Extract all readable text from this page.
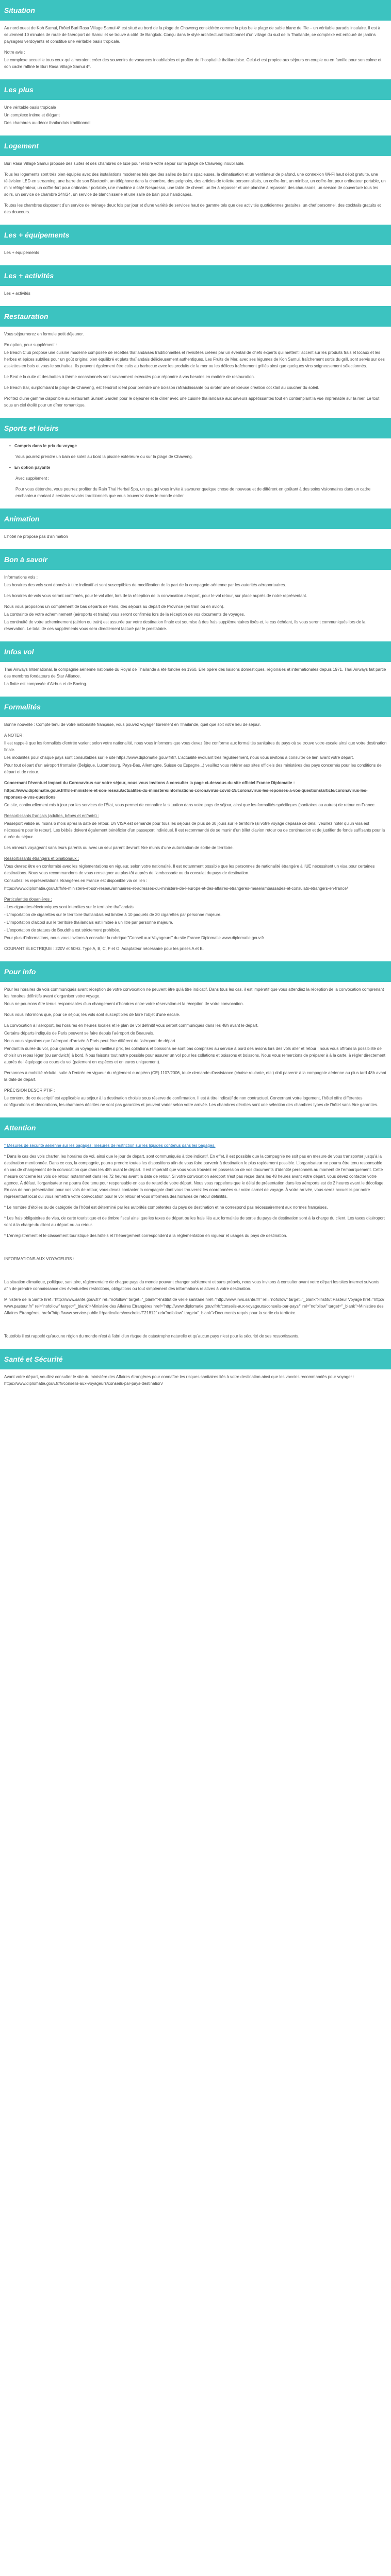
Situation

Au nord ouest de Koh Samui, l'hôtel Buri Rasa Village Samui 4* est situé au bord de la plage de Chaweng considérée comme la plus belle plage de sable blanc de l'île – un véritable paradis insulaire. Il est à seulement 10 minutes de route de l'aéroport de Samui et se trouve à côté de Bangkok. Conçu dans le style architectural traditionnel d'un village du sud de la Thaïlande, ce complexe est entouré de jardins paysagers verdoyants et constitue une véritable oasis tropicale.

Notre avis :

Le complexe accueille tous ceux qui aimeraient créer des souvenirs de vacances inoubliables et profiter de l'hospitalité thaïlandaise. Celui-ci est propice aux séjours en couple ou en famille pour son calme et son cadre raffiné le Buri Rasa Village Samui 4*.

Les plus

Une véritable oasis tropicale

Un complexe intime et élégant

Des chambres au décor thaïlandais traditionnel

Logement

Buri Rasa Village Samui propose des suites et des chambres de luxe pour rendre votre séjour sur la plage de Chaweng inoubliable.

Tous les logements sont très bien équipés avec des installations modernes tels que des salles de bains spacieuses, la climatisation et un ventilateur de plafond, une connexion Wi-Fi haut débit gratuite, une télévision LED en streaming, une barre de son Bluetooth, un téléphone dans la chambre, des peignoirs, des articles de toilette personnalisés, un coffre-fort, un minibar, un coffre-fort pour ordinateur portable, un mini réfrigérateur, un coffre-fort pour ordinateur portable, une machine à café Nespresso, une table de chevet, un fer à repasser et une planche à repasser, des chaussons, un service de couverture tous les soirs, un service de chambre 24h/24, un service de blanchisserie et une salle de bain pour handicapés.

Toutes les chambres disposent d'un service de ménage deux fois par jour et d'une variété de services haut de gamme tels que des activités quotidiennes gratuites, un chef personnel, des cocktails gratuits et des douceurs.

Les + équipements

Les + équipements

Les + activités

Les + activités

Restauration

Vous séjournerez en formule petit déjeuner.

En option, pour supplément :

Le Beach Club propose une cuisine moderne composée de recettes thaïlandaises traditionnelles et revisitées créées par un éventail de chefs experts qui mettent l'accent sur les produits frais et locaux et les herbes et épices subtiles pour un goût original bien équilibré et plats thaïlandais délicieusement authentiques. Les Fruits de Mer, avec ses légumes de Koh Samui, fraîchement sortis du grill, sont servis sur des assiettes en bois et vous le souhaitez. Ils peuvent également être cuits au barbecue avec les produits de la mer ou les délices fraîchement grillés ainsi que quelques vins soigneusement sélectionnés.

Le Beat e la cuite et des battes à thème occasionnels sont savamment exécutés pour répondre à vos besoins en matière de restauration.

Le Beach Bar, surplombant la plage de Chaweng, est l'endroit idéal pour prendre une boisson rafraîchissante ou siroter une délicieuse création cocktail au coucher du soleil.

Profitez d'une gamme disponible au restaurant Sunset Garden pour le déjeuner et le dîner avec une cuisine thaïlandaise aux saveurs appétissantes tout en contemplant la vue imprenable sur la mer. Le tout sous un ciel étoilé pour un dîner romantique.

Sports et loisirs
• Compris dans le prix du voyage

Vous pourrez prendre un bain de soleil au bord la piscine extérieure ou sur la plage de Chaweng.

• En option payante

Avec supplément :

Pour vous détendre, vous pourrez profiter du Rain Thai Herbal Spa, un spa qui vous invite à savourer quelque chose de nouveau et de différent en goûtant à des soins visionnaires dans un cadre enchanteur mariant à certains savoirs traditionnels que vous trouverez dans le monde entier.

Animation

L'hôtel ne propose pas d'animation

Bon à savoir

Informations vols :

Les horaires des vols sont donnés à titre indicatif et sont susceptibles de modification de la part de la compagnie aérienne par les autorités aéroportuaires.

Les horaires de vols vous seront confirmés, pour le vol aller, lors de la réception de la convocation aéroport, pour le vol retour, sur place auprès de notre représentant.

Nous vous proposons un complément de bas départs de Paris, des séjours au départ de Province (en train ou en avion).

La contrainte de votre acheminement (aéroports et trains) vous seront confirmés lors de la réception de vos documents de voyages.

La continuité de votre acheminement (aérien ou train) est assurée par votre destination finale est soumise à des frais supplémentaires fixés et, le cas échéant, ils vous seront communiqués lors de la réservation. Le total de ces suppléments vous sera directement facturé par le prestataire.

Infos vol

Thaï Airways International, la compagnie aérienne nationale du Royal de Thaïlande a été fondée en 1960. Elle opère des liaisons domestiques, régionales et internationales depuis 1971. Thaï Airways fait partie des membres fondateurs de Star Alliance.

La flotte est composée d'Airbus et de Boeing.

Formalités

Bonne nouvelle : Compte tenu de votre nationalité française, vous pouvez voyager librement en Thaïlande, quel que soit votre lieu de séjour.

A NOTER :

Il est rappelé que les formalités d'entrée varient selon votre nationalité, nous vous informons que vous devez être conforme aux formalités sanitaires du pays où se trouve votre escale ainsi que votre destination finale.

Les modalités pour chaque pays sont consultables sur le site https://www.diplomatie.gouv.fr/fr/. L'actualité évoluant très régulièrement, nous vous invitons à consulter ce lien avant votre départ.

Pour tout départ d'un aéroport frontalier (Belgique, Luxembourg, Pays-Bas, Allemagne, Suisse ou Espagne...) veuillez vous référer aux sites officiels des ministères des pays concernés pour les conditions de départ et de retour.

Concernant l'éventuel impact du Coronavirus sur votre séjour, nous vous invitons à consulter la page ci-dessous du site officiel France Diplomatie :

https://www.diplomatie.gouv.fr/fr/le-ministere-et-son-reseau/actualites-du-ministere/informations-coronavirus-covid-19/coronavirus-les-reponses-a-vos-questions/article/coronavirus-les-reponses-a-vos-questions

Ce site, continuellement mis à jour par les services de l'État, vous permet de connaître la situation dans votre pays de séjour, ainsi que les formalités spécifiques (sanitaires ou autres) de retour en France.

Ressortissants français (adultes, bébés et enfants) :

Passeport valide au moins 6 mois après la date de retour. Un VISA est demandé pour tous les séjours de plus de 30 jours sur le territoire (si votre voyage dépasse ce délai, veuillez noter qu'un visa est nécessaire pour le retour). Les bébés doivent également bénéficier d'un passeport individuel. Il est recommandé de se munir d'un billet d'avion retour ou de continuation et de justifier de fonds suffisants pour la durée du séjour.

Les mineurs voyageant sans leurs parents ou avec un seul parent devront être munis d'une autorisation de sortie de territoire.

Ressortissants étrangers et binationaux :

Vous devrez être en conformité avec les réglementations en vigueur, selon votre nationalité. Il est notamment possible que les personnes de nationalité étrangère à l'UE nécessitent un visa pour certaines destinations. Nous vous recommandons de vous renseigner au plus tôt auprès de l'ambassade ou du consulat du pays de destination.

Consultez les représentations étrangères en France est disponible via ce lien :

https://www.diplomatie.gouv.fr/fr/le-ministere-et-son-reseau/annuaires-et-adresses-du-ministere-de-l-europe-et-des-affaires-etrangeres-meae/ambassades-et-consulats-etrangers-en-france/

Particularités douanières :

- Les cigarettes électroniques sont interdites sur le territoire thaïlandais

- L'importation de cigarettes sur le territoire thaïlandais est limitée à 10 paquets de 20 cigarettes par personne majeure.

- L'importation d'alcool sur le territoire thaïlandais est limitée à un litre par personne majeure.

- L'exportation de statues de Bouddha est strictement prohibée.

Pour plus d'informations, nous vous invitons à consulter la rubrique "Conseil aux Voyageurs" du site France Diplomatie www.diplomatie.gouv.fr

COURANT ÉLECTRIQUE : 220V et 50Hz. Type A, B, C, F et O. Adaptateur nécessaire pour les prises A et B.

Pour info

Pour les horaires de vols communiqués avant réception de votre convocation ne peuvent être qu'à titre indicatif. Dans tous les cas, il est impératif que vous attendiez la réception de la convocation comprenant les horaires définitifs avant d'organiser votre voyage.

Nous ne pourrons être tenus responsables d'un changement d'horaires entre votre réservation et la réception de votre convocation.

Nous vous informons que, pour ce séjour, les vols sont susceptibles de faire l'objet d'une escale.

La convocation à l'aéroport, les horaires en heures locales et le plan de vol définitif vous seront communiqués dans les 48h avant le départ.

Certains départs indiqués de Paris peuvent se faire depuis l'aéroport de Beauvais.

Nous vous signalons que l'aéroport d'arrivée à Paris peut être différent de l'aéroport de départ.

Pendant la durée du vol, pour garantir un voyage au meilleur prix, les collations et boissons ne sont pas comprises au service à bord des avions lors des vols aller et retour ; nous vous offrons la possibilité de choisir un repas léger (ou sandwich) à bord. Nous faisons tout notre possible pour assurer un vol pour les collations et boissons et boissons. Nous vous remercions de préparer à à la carte, à régler directement auprès de l'équipage ou cours du vol (paiement en espèces et en euros uniquement).

Personnes à mobilité réduite, suite à l'entrée en vigueur du règlement européen (CE) 1107/2006, toute demande d'assistance (chaise roulante, etc.) doit parvenir à la compagnie aérienne au plus tard 48h avant la date de départ.

PRÉCISION DESCRIPTIF :

Le contenu de ce descriptif est applicable au séjour à la destination choisie sous réserve de confirmation. Il est à titre indicatif de non contractuel. Concernant votre logement, l'hôtel offre différentes configurations et décorations, les chambres décrites ne sont pas garanties et peuvent varier selon votre arrivée. Les chambres décrites sont une sélection des chambres types de l'hôtel sans être garanties.

Attention

* Mesures de sécurité aérienne sur les bagages: mesures de restriction sur les liquides contenus dans les bagages.

* Dans le cas des vols charter, les horaires de vol, ainsi que le jour de départ, sont communiqués à titre indicatif. En effet, il est possible que la compagnie ne soit pas en mesure de vous transporter jusqu'à la destination mentionnée. Dans ce cas, la compagnie, pourra prendre toutes les dispositions afin de vous faire parvenir à destination le plus rapidement possible. L'organisateur ne pourra être tenu responsable en cas de changement de la convocation que dans les 48h avant le départ. Il est impératif que vous vous trouviez en possession de vos documents d'identité personnels au moment de l'embarquement. Cette mesure concerne les vols de retour, notamment dans les 72 heures avant la date de retour. Si votre convocation aéroport n'est pas reçue dans les 48 heures avant votre départ, vous devez contacter votre agence. À défaut, l'organisateur ne pourra être tenu pour responsable en cas de retard de votre départ. Nous vous rappelons que le délai de présentation dans les aéroports est de 2 heures avant le décollage. En cas de non présentation pour vos vols de retour, vous devez contacter la compagnie dont vous trouverez les coordonnées sur votre carnet de voyage. À votre arrivée, vous serez accueillis par notre représentant local qui vous remettra votre convocation pour le vol retour et vous informera des horaires de retour définitifs.

* Le nombre d'étoiles ou de catégorie de l'hôtel est déterminé par les autorités compétentes du pays de destination et ne correspond pas nécessairement aux normes françaises.

* Les frais obligatoires de visa, de carte touristique et de timbre fiscal ainsi que les taxes de départ ou les frais liés aux formalités de sortie du pays de destination sont à la charge du client. Les taxes d'aéroport sont à la charge du client au départ ou au retour.

* L'enregistrement et le classement touristique des hôtels et l'hébergement correspondent à la réglementation en vigueur et usages du pays de destination.

INFORMATIONS AUX VOYAGEURS :

La situation climatique, politique, sanitaire, réglementaire de chaque pays du monde pouvant changer subitement et sans préavis, nous vous invitons à consulter avant votre départ les sites internet suivants afin de prendre connaissance des éventuelles restrictions, obligations ou tout simplement des informations relatives à votre destination.

Ministère de la Santé href="http://www.sante.gouv.fr/" rel="nofollow" target="_blank">Institut de veille sanitaire href="http://www.invs.sante.fr/" rel="nofollow" target="_blank">Institut Pasteur Voyage href="http://www.pasteur.fr/" rel="nofollow" target="_blank">Ministère des Affaires Etrangères href="http://www.diplomatie.gouv.fr/fr/conseils-aux-voyageurs/conseils-par-pays/" rel="nofollow" target="_blank">Ministère des Affaires Étrangères, href="http://www.service-public.fr/particuliers/vosdroits/F21812" rel="nofollow" target="_blank">Documents requis pour la sortie du territoire.

Toutefois il est rappelé qu'aucune région du monde n'est à l'abri d'un risque de catastrophe naturelle et qu'aucun pays n'est pour la sécurité de ses ressortissants.

Santé et Sécurité

Avant votre départ, veuillez consulter le site du ministère des Affaires étrangères pour connaître les risques sanitaires liés à votre destination ainsi que les vaccins recommandés pour voyager : https://www.diplomatie.gouv.fr/fr/conseils-aux-voyageurs/conseils-par-pays-destination/
